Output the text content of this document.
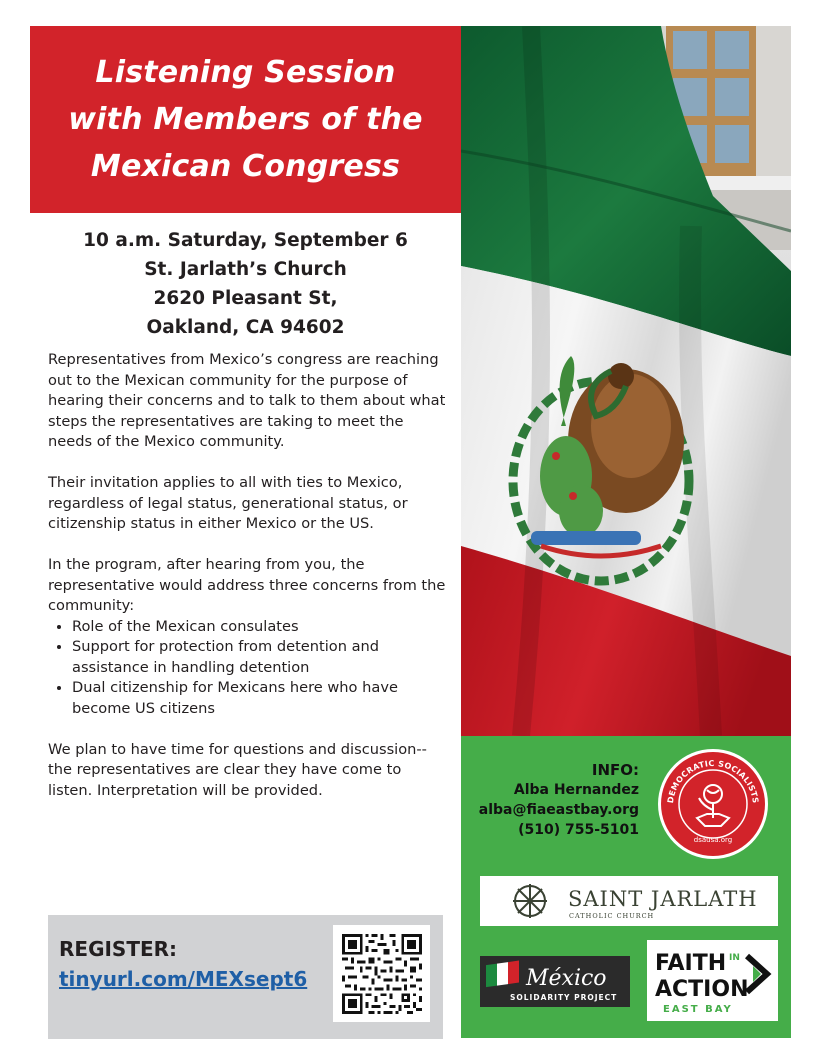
Listening Session
with Members of the
Mexican Congress
10 a.m. Saturday, September 6
St. Jarlath’s Church
2620 Pleasant St,
Oakland, CA 94602

Representatives from Mexico’s congress are reaching out to the Mexican community for the purpose of hearing their concerns and to talk to them about what steps the representatives are taking to meet the needs of the Mexico community.

Their invitation applies to all with ties to Mexico, regardless of legal status, generational status, or citizenship status in either Mexico or the US.

In the program, after hearing from you, the representative would address three concerns from the community:

• Role of the Mexican consulates
• Support for protection from detention and assistance in handling detention
• Dual citizenship for Mexicans here who have become US citizens

We plan to have time for questions and discussion--the representatives are clear they have come to listen. Interpretation will be provided.

REGISTER:
tinyurl.com/MEXsept6
INFO:
Alba Hernandez
alba@fiaeastbay.org
(510) 755-5101
DEMOCRATIC SOCIALISTS
dsausa.org
SAINT JARLATH
CATHOLIC CHURCH
México
SOLIDARITY PROJECT
FAITH IN
ACTION
EAST BAY
